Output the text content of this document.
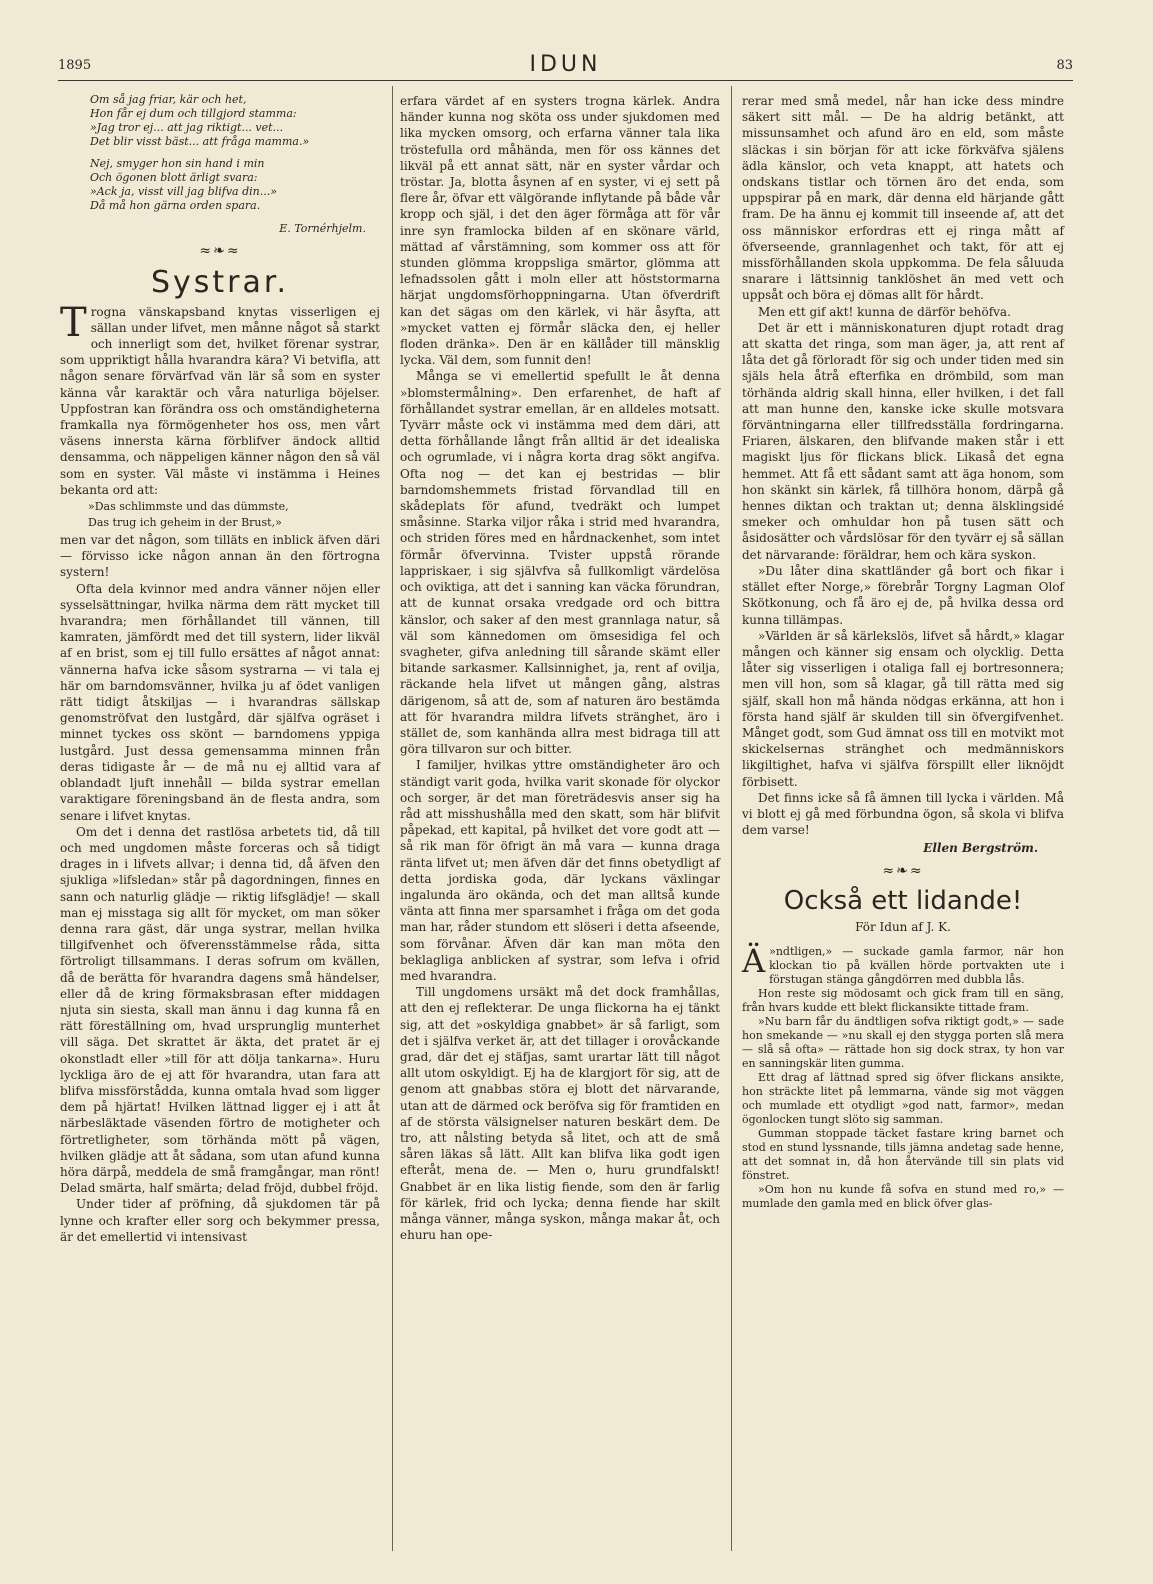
1895	IDUN	83
Om så jag friar, kär och het,
Hon får ej dum och tillgjord stamma:
»Jag tror ej... att jag riktigt... vet...
Det blir visst bäst... att fråga mamma.»
Nej, smyger hon sin hand i min
Och ögonen blott ärligt svara:
»Ack ja, visst vill jag blifva din...»
Då må hon gärna orden spara.
E. Tornérhjelm.
≈❧≈
Systrar.

Trogna vänskapsband knytas visserligen ej sällan under lifvet, men månne något så starkt och innerligt som det, hvilket förenar systrar, som uppriktigt hålla hvarandra kära? Vi betvifla, att någon senare förvärfvad vän lär så som en syster känna vår karaktär och våra naturliga böjelser. Uppfostran kan förändra oss och omständigheterna framkalla nya förmögenheter hos oss, men vårt väsens innersta kärna förblifver ändock alltid densamma, och näppeligen känner någon den så väl som en syster. Väl måste vi instämma i Heines bekanta ord att:

»Das schlimmste und das dümmste,
Das trug ich geheim in der Brust,»

men var det någon, som tilläts en inblick äfven däri — förvisso icke någon annan än den förtrogna systern!

Ofta dela kvinnor med andra vänner nöjen eller sysselsättningar, hvilka närma dem rätt mycket till hvarandra; men förhållandet till vännen, till kamraten, jämfördt med det till systern, lider likväl af en brist, som ej till fullo ersättes af något annat: vännerna hafva icke såsom systrarna — vi tala ej här om barndomsvänner, hvilka ju af ödet vanligen rätt tidigt åtskiljas — i hvarandras sällskap genomströfvat den lustgård, där själfva ogräset i minnet tyckes oss skönt — barndomens yppiga lustgård. Just dessa gemensamma minnen från deras tidigaste år — de må nu ej alltid vara af oblandadt ljuft innehåll — bilda systrar emellan varaktigare föreningsband än de flesta andra, som senare i lifvet knytas.

Om det i denna det rastlösa arbetets tid, då till och med ungdomen måste forceras och så tidigt drages in i lifvets allvar; i denna tid, då äfven den sjukliga »lifsledan» står på dagordningen, finnes en sann och naturlig glädje — riktig lifsglädje! — skall man ej misstaga sig allt för mycket, om man söker denna rara gäst, där unga systrar, mellan hvilka tillgifvenhet och öfverensstämmelse råda, sitta förtroligt tillsammans. I deras sofrum om kvällen, då de berätta för hvarandra dagens små händelser, eller då de kring förmaksbrasan efter middagen njuta sin siesta, skall man ännu i dag kunna få en rätt föreställning om, hvad ursprunglig munterhet vill säga. Det skrattet är äkta, det pratet är ej okonstladt eller »till för att dölja tankarna». Huru lyckliga äro de ej att för hvarandra, utan fara att blifva missförstådda, kunna omtala hvad som ligger dem på hjärtat! Hvilken lättnad ligger ej i att åt närbesläktade väsenden förtro de motigheter och förtretligheter, som törhända mött på vägen, hvilken glädje att åt sådana, som utan afund kunna höra därpå, meddela de små framgångar, man rönt! Delad smärta, half smärta; delad fröjd, dubbel fröjd.

Under tider af pröfning, då sjukdomen tär på lynne och krafter eller sorg och bekymmer pressa, är det emellertid vi intensivast

erfara värdet af en systers trogna kärlek. Andra händer kunna nog sköta oss under sjukdomen med lika mycken omsorg, och erfarna vänner tala lika tröstefulla ord måhända, men för oss kännes det likväl på ett annat sätt, när en syster vårdar och tröstar. Ja, blotta åsynen af en syster, vi ej sett på flere år, öfvar ett välgörande inflytande på både vår kropp och själ, i det den äger förmåga att för vår inre syn framlocka bilden af en skönare värld, mättad af vårstämning, som kommer oss att för stunden glömma kroppsliga smärtor, glömma att lefnadssolen gått i moln eller att höststormarna härjat ungdomsförhoppningarna. Utan öfverdrift kan det sägas om den kärlek, vi här åsyfta, att »mycket vatten ej förmår släcka den, ej heller floden dränka». Den är en källåder till mänsklig lycka. Väl dem, som funnit den!

Många se vi emellertid spefullt le åt denna »blomstermålning». Den erfarenhet, de haft af förhållandet systrar emellan, är en alldeles motsatt. Tyvärr måste ock vi instämma med dem däri, att detta förhållande långt från alltid är det idealiska och ogrumlade, vi i några korta drag sökt angifva. Ofta nog — det kan ej bestridas — blir barndomshemmets fristad förvandlad till en skådeplats för afund, tvedräkt och lumpet småsinne. Starka viljor råka i strid med hvarandra, och striden föres med en hårdnackenhet, som intet förmår öfvervinna. Tvister uppstå rörande lappriskaer, i sig självfva så fullkomligt värdelösa och oviktiga, att det i sanning kan väcka förundran, att de kunnat orsaka vredgade ord och bittra känslor, och saker af den mest grannlaga natur, så väl som kännedomen om ömsesidiga fel och svagheter, gifva anledning till sårande skämt eller bitande sarkasmer. Kallsinnighet, ja, rent af ovilja, räckande hela lifvet ut mången gång, alstras därigenom, så att de, som af naturen äro bestämda att för hvarandra mildra lifvets stränghet, äro i stället de, som kanhända allra mest bidraga till att göra tillvaron sur och bitter.

I familjer, hvilkas yttre omständigheter äro och ständigt varit goda, hvilka varit skonade för olyckor och sorger, är det man företrädesvis anser sig ha råd att misshushålla med den skatt, som här blifvit påpekad, ett kapital, på hvilket det vore godt att — så rik man för öfrigt än må vara — kunna draga ränta lifvet ut; men äfven där det finns obetydligt af detta jordiska goda, där lyckans växlingar ingalunda äro okända, och det man alltså kunde vänta att finna mer sparsamhet i fråga om det goda man har, råder stundom ett slöseri i detta afseende, som förvånar. Äfven där kan man möta den beklagliga anblicken af systrar, som lefva i ofrid med hvarandra.

Till ungdomens ursäkt må det dock framhållas, att den ej reflekterar. De unga flickorna ha ej tänkt sig, att det »oskyldiga gnabbet» är så farligt, som det i själfva verket är, att det tillager i orovåckande grad, där det ej stäfjas, samt urartar lätt till något allt utom oskyldigt. Ej ha de klargjort för sig, att de genom att gnabbas störa ej blott det närvarande, utan att de därmed ock beröfva sig för framtiden en af de största välsignelser naturen beskärt dem. De tro, att nålsting betyda så litet, och att de små såren läkas så lätt. Allt kan blifva lika godt igen efteråt, mena de. — Men o, huru grundfalskt! Gnabbet är en lika listig fiende, som den är farlig för kärlek, frid och lycka; denna fiende har skilt många vänner, många syskon, många makar åt, och ehuru han ope-

rerar med små medel, når han icke dess mindre säkert sitt mål. — De ha aldrig betänkt, att missunsamhet och afund äro en eld, som måste släckas i sin början för att icke förkväfva själens ädla känslor, och veta knappt, att hatets och ondskans tistlar och törnen äro det enda, som uppspirar på en mark, där denna eld härjande gått fram. De ha ännu ej kommit till inseende af, att det oss människor erfordras ett ej ringa mått af öfverseende, grannlagenhet och takt, för att ej missförhållanden skola uppkomma. De fela såluuda snarare i lättsinnig tanklöshet än med vett och uppsåt och böra ej dömas allt för hårdt.

Men ett gif akt! kunna de därför behöfva.

Det är ett i människonaturen djupt rotadt drag att skatta det ringa, som man äger, ja, att rent af låta det gå förloradt för sig och under tiden med sin själs hela åtrå efterfika en drömbild, som man törhända aldrig skall hinna, eller hvilken, i det fall att man hunne den, kanske icke skulle motsvara förväntningarna eller tillfredsställa fordringarna. Friaren, älskaren, den blifvande maken står i ett magiskt ljus för flickans blick. Likaså det egna hemmet. Att få ett sådant samt att äga honom, som hon skänkt sin kärlek, få tillhöra honom, därpå gå hennes diktan och traktan ut; denna älsklingsidé smeker och omhuldar hon på tusen sätt och åsidosätter och vårdslösar för den tyvärr ej så sällan det närvarande: föräldrar, hem och kära syskon.

»Du låter dina skattländer gå bort och fikar i stället efter Norge,» förebrår Torgny Lagman Olof Skötkonung, och få äro ej de, på hvilka dessa ord kunna tillämpas.

»Världen är så kärlekslös, lifvet så hårdt,» klagar mången och känner sig ensam och olycklig. Detta låter sig visserligen i otaliga fall ej bortresonnera; men vill hon, som så klagar, gå till rätta med sig själf, skall hon må hända nödgas erkänna, att hon i första hand själf är skulden till sin öfvergifvenhet. Månget godt, som Gud ämnat oss till en motvikt mot skickelsernas stränghet och medmänniskors likgiltighet, hafva vi själfva förspillt eller liknöjdt förbisett.

Det finns icke så få ämnen till lycka i världen. Må vi blott ej gå med förbundna ögon, så skola vi blifva dem varse!

Ellen Bergström.
≈❧≈
Också ett lidande!
För Idun af J. K.

»
Ä ndtligen,» — suckade gamla farmor, när hon klockan tio på kvällen hörde portvakten ute i förstugan stänga gångdörren med dubbla lås.

Hon reste sig mödosamt och gick fram till en säng, från hvars kudde ett blekt flickansikte tittade fram.

»Nu barn får du ändtligen sofva riktigt godt,» — sade hon smekande — »nu skall ej den stygga porten slå mera — slå så ofta» — rättade hon sig dock strax, ty hon var en sanningskär liten gumma.

Ett drag af lättnad spred sig öfver flickans ansikte, hon sträckte litet på lemmarna, vände sig mot väggen och mumlade ett otydligt »god natt, farmor», medan ögonlocken tungt slöto sig samman.

Gumman stoppade täcket fastare kring barnet och stod en stund lyssnande, tills jämna andetag sade henne, att det somnat in, då hon återvände till sin plats vid fönstret.

»Om hon nu kunde få sofva en stund med ro,» — mumlade den gamla med en blick öfver glas-
